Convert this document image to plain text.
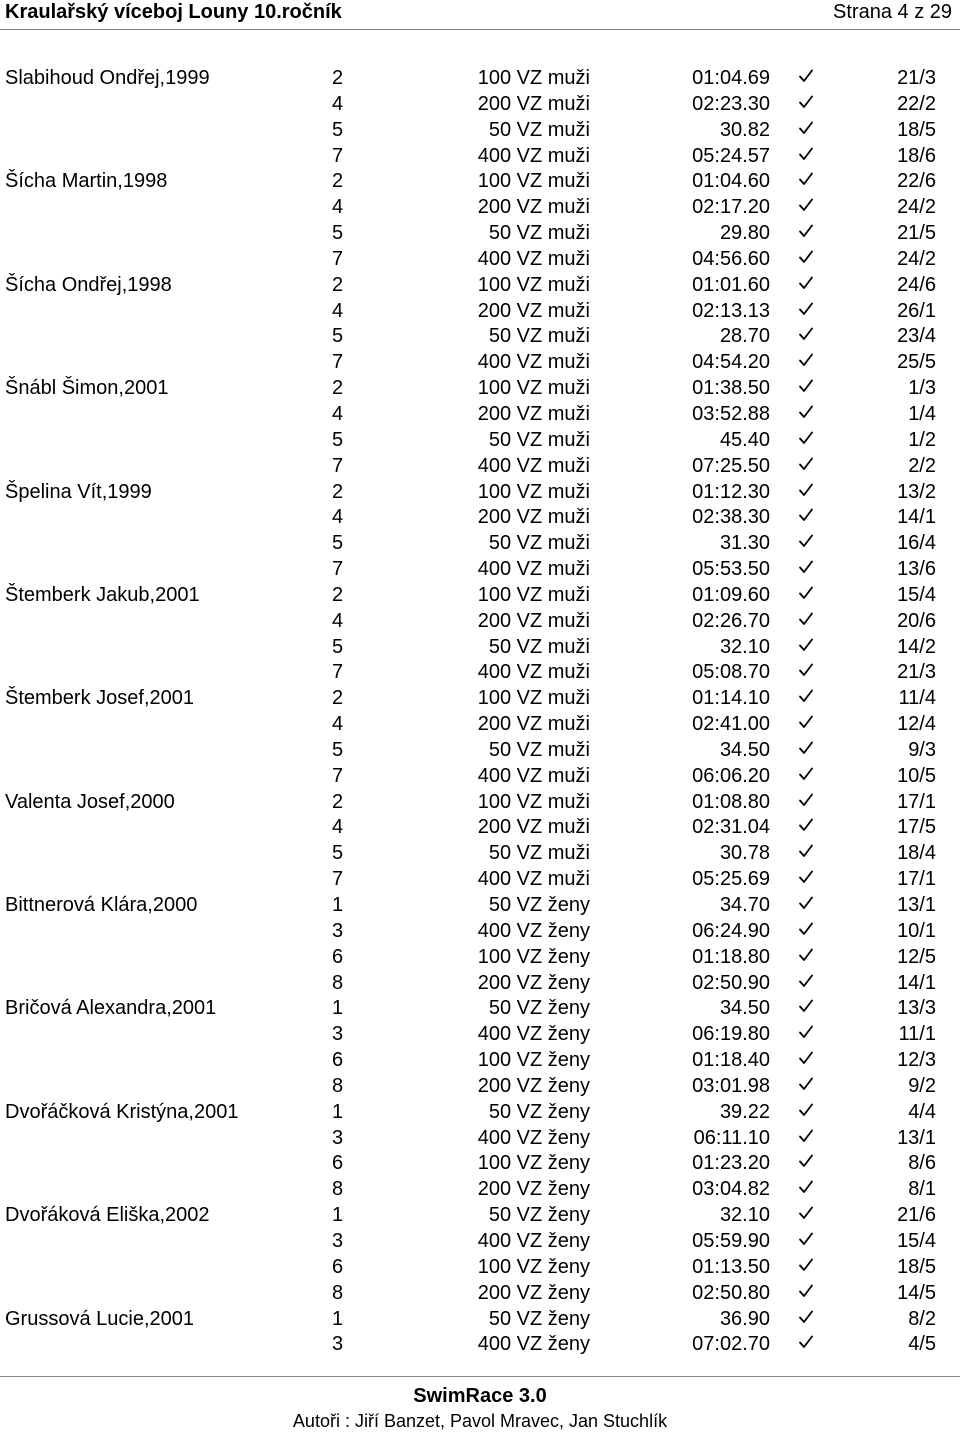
Kraulařský víceboj Louny 10.ročník	Strana 4 z 29
Slabihoud Ondřej,1999	2	100 VZ muži	01:04.69	21/3
4	200 VZ muži	02:23.30	22/2
5	50 VZ muži	30.82	18/5
7	400 VZ muži	05:24.57	18/6
Šícha Martin,1998	2	100 VZ muži	01:04.60	22/6
4	200 VZ muži	02:17.20	24/2
5	50 VZ muži	29.80	21/5
7	400 VZ muži	04:56.60	24/2
Šícha Ondřej,1998	2	100 VZ muži	01:01.60	24/6
4	200 VZ muži	02:13.13	26/1
5	50 VZ muži	28.70	23/4
7	400 VZ muži	04:54.20	25/5
Šnábl Šimon,2001	2	100 VZ muži	01:38.50	1/3
4	200 VZ muži	03:52.88	1/4
5	50 VZ muži	45.40	1/2
7	400 VZ muži	07:25.50	2/2
Špelina Vít,1999	2	100 VZ muži	01:12.30	13/2
4	200 VZ muži	02:38.30	14/1
5	50 VZ muži	31.30	16/4
7	400 VZ muži	05:53.50	13/6
Štemberk Jakub,2001	2	100 VZ muži	01:09.60	15/4
4	200 VZ muži	02:26.70	20/6
5	50 VZ muži	32.10	14/2
7	400 VZ muži	05:08.70	21/3
Štemberk Josef,2001	2	100 VZ muži	01:14.10	11/4
4	200 VZ muži	02:41.00	12/4
5	50 VZ muži	34.50	9/3
7	400 VZ muži	06:06.20	10/5
Valenta Josef,2000	2	100 VZ muži	01:08.80	17/1
4	200 VZ muži	02:31.04	17/5
5	50 VZ muži	30.78	18/4
7	400 VZ muži	05:25.69	17/1
Bittnerová Klára,2000	1	50 VZ ženy	34.70	13/1
3	400 VZ ženy	06:24.90	10/1
6	100 VZ ženy	01:18.80	12/5
8	200 VZ ženy	02:50.90	14/1
Bričová Alexandra,2001	1	50 VZ ženy	34.50	13/3
3	400 VZ ženy	06:19.80	11/1
6	100 VZ ženy	01:18.40	12/3
8	200 VZ ženy	03:01.98	9/2
Dvořáčková Kristýna,2001	1	50 VZ ženy	39.22	4/4
3	400 VZ ženy	06:11.10	13/1
6	100 VZ ženy	01:23.20	8/6
8	200 VZ ženy	03:04.82	8/1
Dvořáková Eliška,2002	1	50 VZ ženy	32.10	21/6
3	400 VZ ženy	05:59.90	15/4
6	100 VZ ženy	01:13.50	18/5
8	200 VZ ženy	02:50.80	14/5
Grussová Lucie,2001	1	50 VZ ženy	36.90	8/2
3	400 VZ ženy	07:02.70	4/5
SwimRace 3.0
Autoři : Jiří Banzet, Pavol Mravec, Jan Stuchlík
